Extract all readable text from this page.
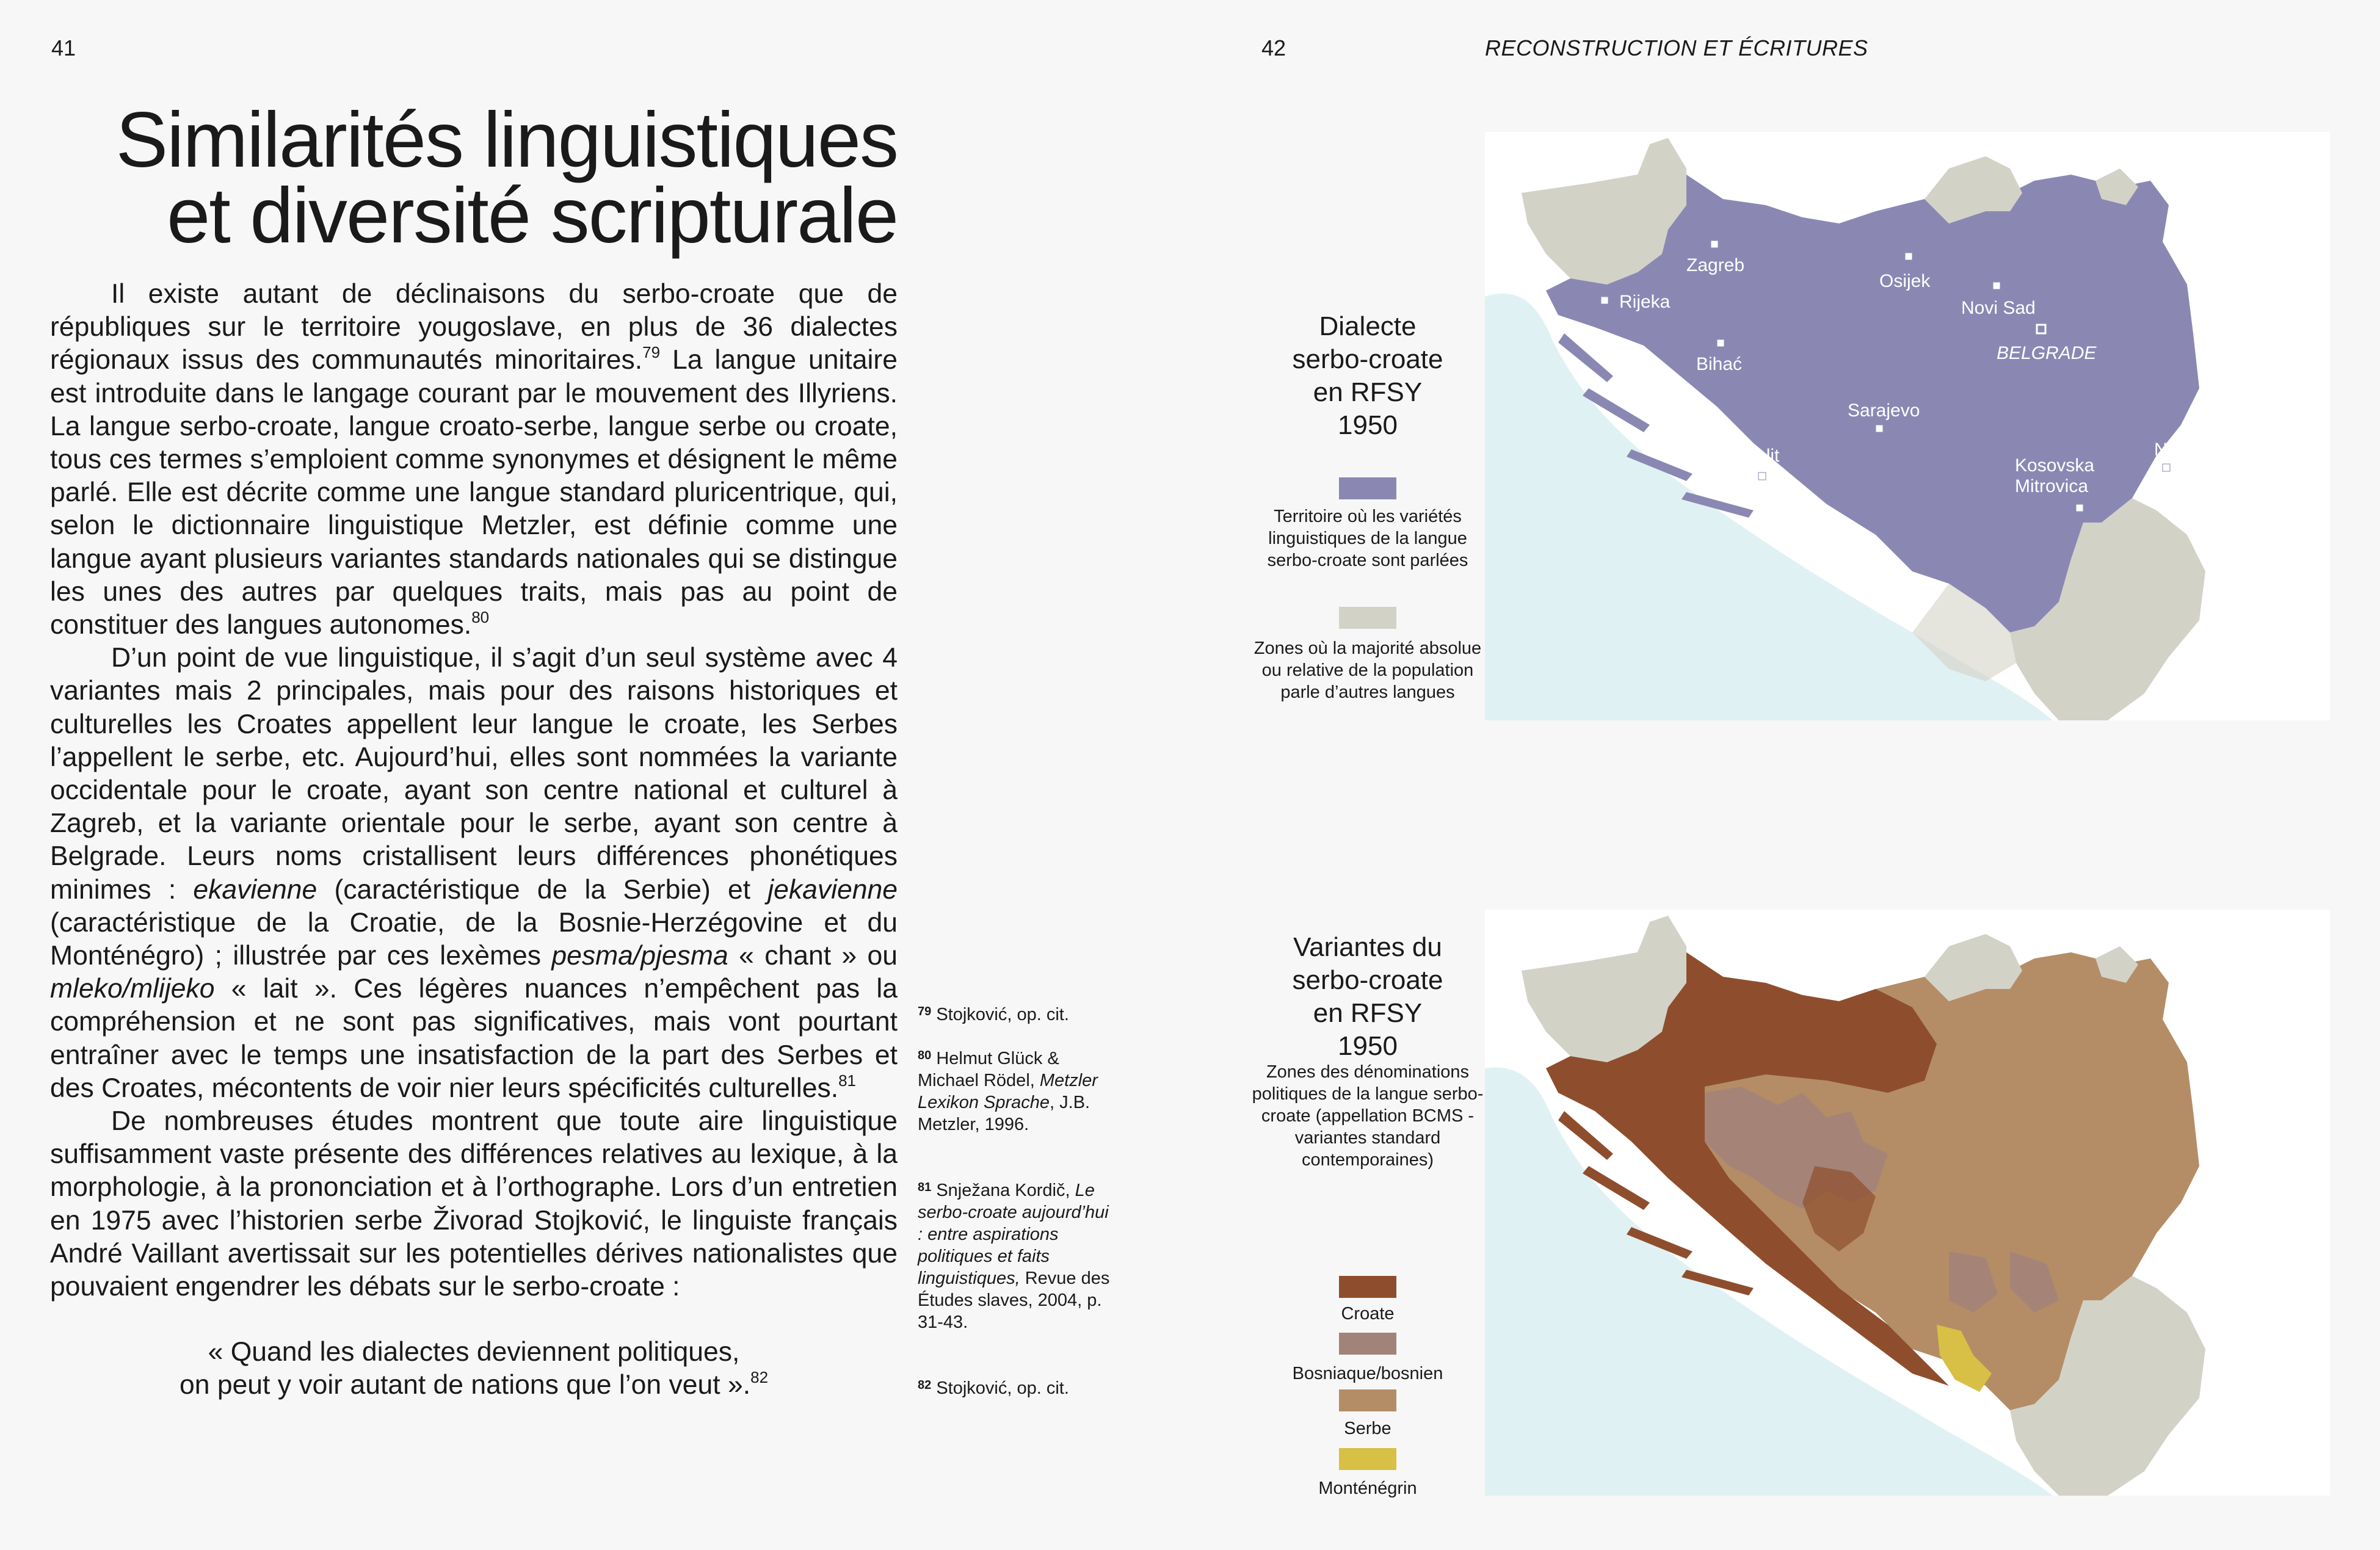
41	42	RECONSTRUCTION ET ÉCRITURES
Similarités linguistiques
et diversité scripturale

Il existe autant de déclinaisons du serbo-croate que de républiques sur le territoire yougoslave, en plus de 36 dialectes régionaux issus des communautés minoritaires.$^{79}$ La langue unitaire est introduite dans le langage courant par le mouvement des Illyriens. La langue serbo-croate, langue croato-serbe, langue serbe ou croate, tous ces termes s’emploient comme synonymes et désignent le même parlé. Elle est décrite comme une langue standard pluricentrique, qui, selon le dictionnaire linguistique Metzler, est définie comme une langue ayant plusieurs variantes standards nationales qui se distingue les unes des autres par quelques traits, mais pas au point de constituer des langues autonomes.$^{80}$

D’un point de vue linguistique, il s’agit d’un seul système avec 4 variantes mais 2 principales, mais pour des raisons historiques et culturelles les Croates appellent leur langue le croate, les Serbes l’appellent le serbe, etc. Aujourd’hui, elles sont nommées la variante occidentale pour le croate, ayant son centre national et culturel à Zagreb, et la variante orientale pour le serbe, ayant son centre à Belgrade. Leurs noms cristallisent leurs différences phonétiques minimes : ekavienne (caractéristique de la Serbie) et jekavienne (caractéristique de la Croatie, de la Bosnie-Herzégovine et du Monténégro) ; illustrée par ces lexèmes pesma/pjesma « chant » ou mleko/mlijeko « lait ». Ces légères nuances n’empêchent pas la compréhension et ne sont pas significatives, mais vont pourtant entraîner avec le temps une insatisfaction de la part des Serbes et des Croates, mécontents de voir nier leurs spécificités culturelles.$^{81}$

De nombreuses études montrent que toute aire linguistique suffisamment vaste présente des différences relatives au lexique, à la morphologie, à la prononciation et à l’orthographe. Lors d’un entretien en 1975 avec l’historien serbe Živorad Stojković, le linguiste français André Vaillant avertissait sur les potentielles dérives nationalistes que pouvaient engendrer les débats sur le serbo-croate :

« Quand les dialectes deviennent politiques,
on peut y voir autant de nations que l’on veut ».$^{82}$
$^{79}$ Stojković, op. cit.
$^{80}$ Helmut Glück & Michael Rödel, Metzler Lexikon Sprache, J.B. Metzler, 1996.
$^{81}$ Snježana Kordič, Le serbo-croate aujourd’hui : entre aspirations politiques et faits linguistiques, Revue des Études slaves, 2004, p. 31-43.
$^{82}$ Stojković, op. cit.
Dialecte
serbo-croate
en RFSY
1950
Territoire où les variétés linguistiques de la langue serbo-croate sont parlées
Zones où la majorité absolue ou relative de la population parle d’autres langues
Zagreb
Osijek
Rijeka	Novi Sad
BELGRADE
Bihać
Sarajevo
Split	Niš
Kosovska
Mitrovica
Variantes du
serbo-croate
en RFSY
1950
Zones des dénominations politiques de la langue serbo-croate (appellation BCMS - variantes standard contemporaines)
Croate
Bosniaque/bosnien
Serbe
Monténégrin
